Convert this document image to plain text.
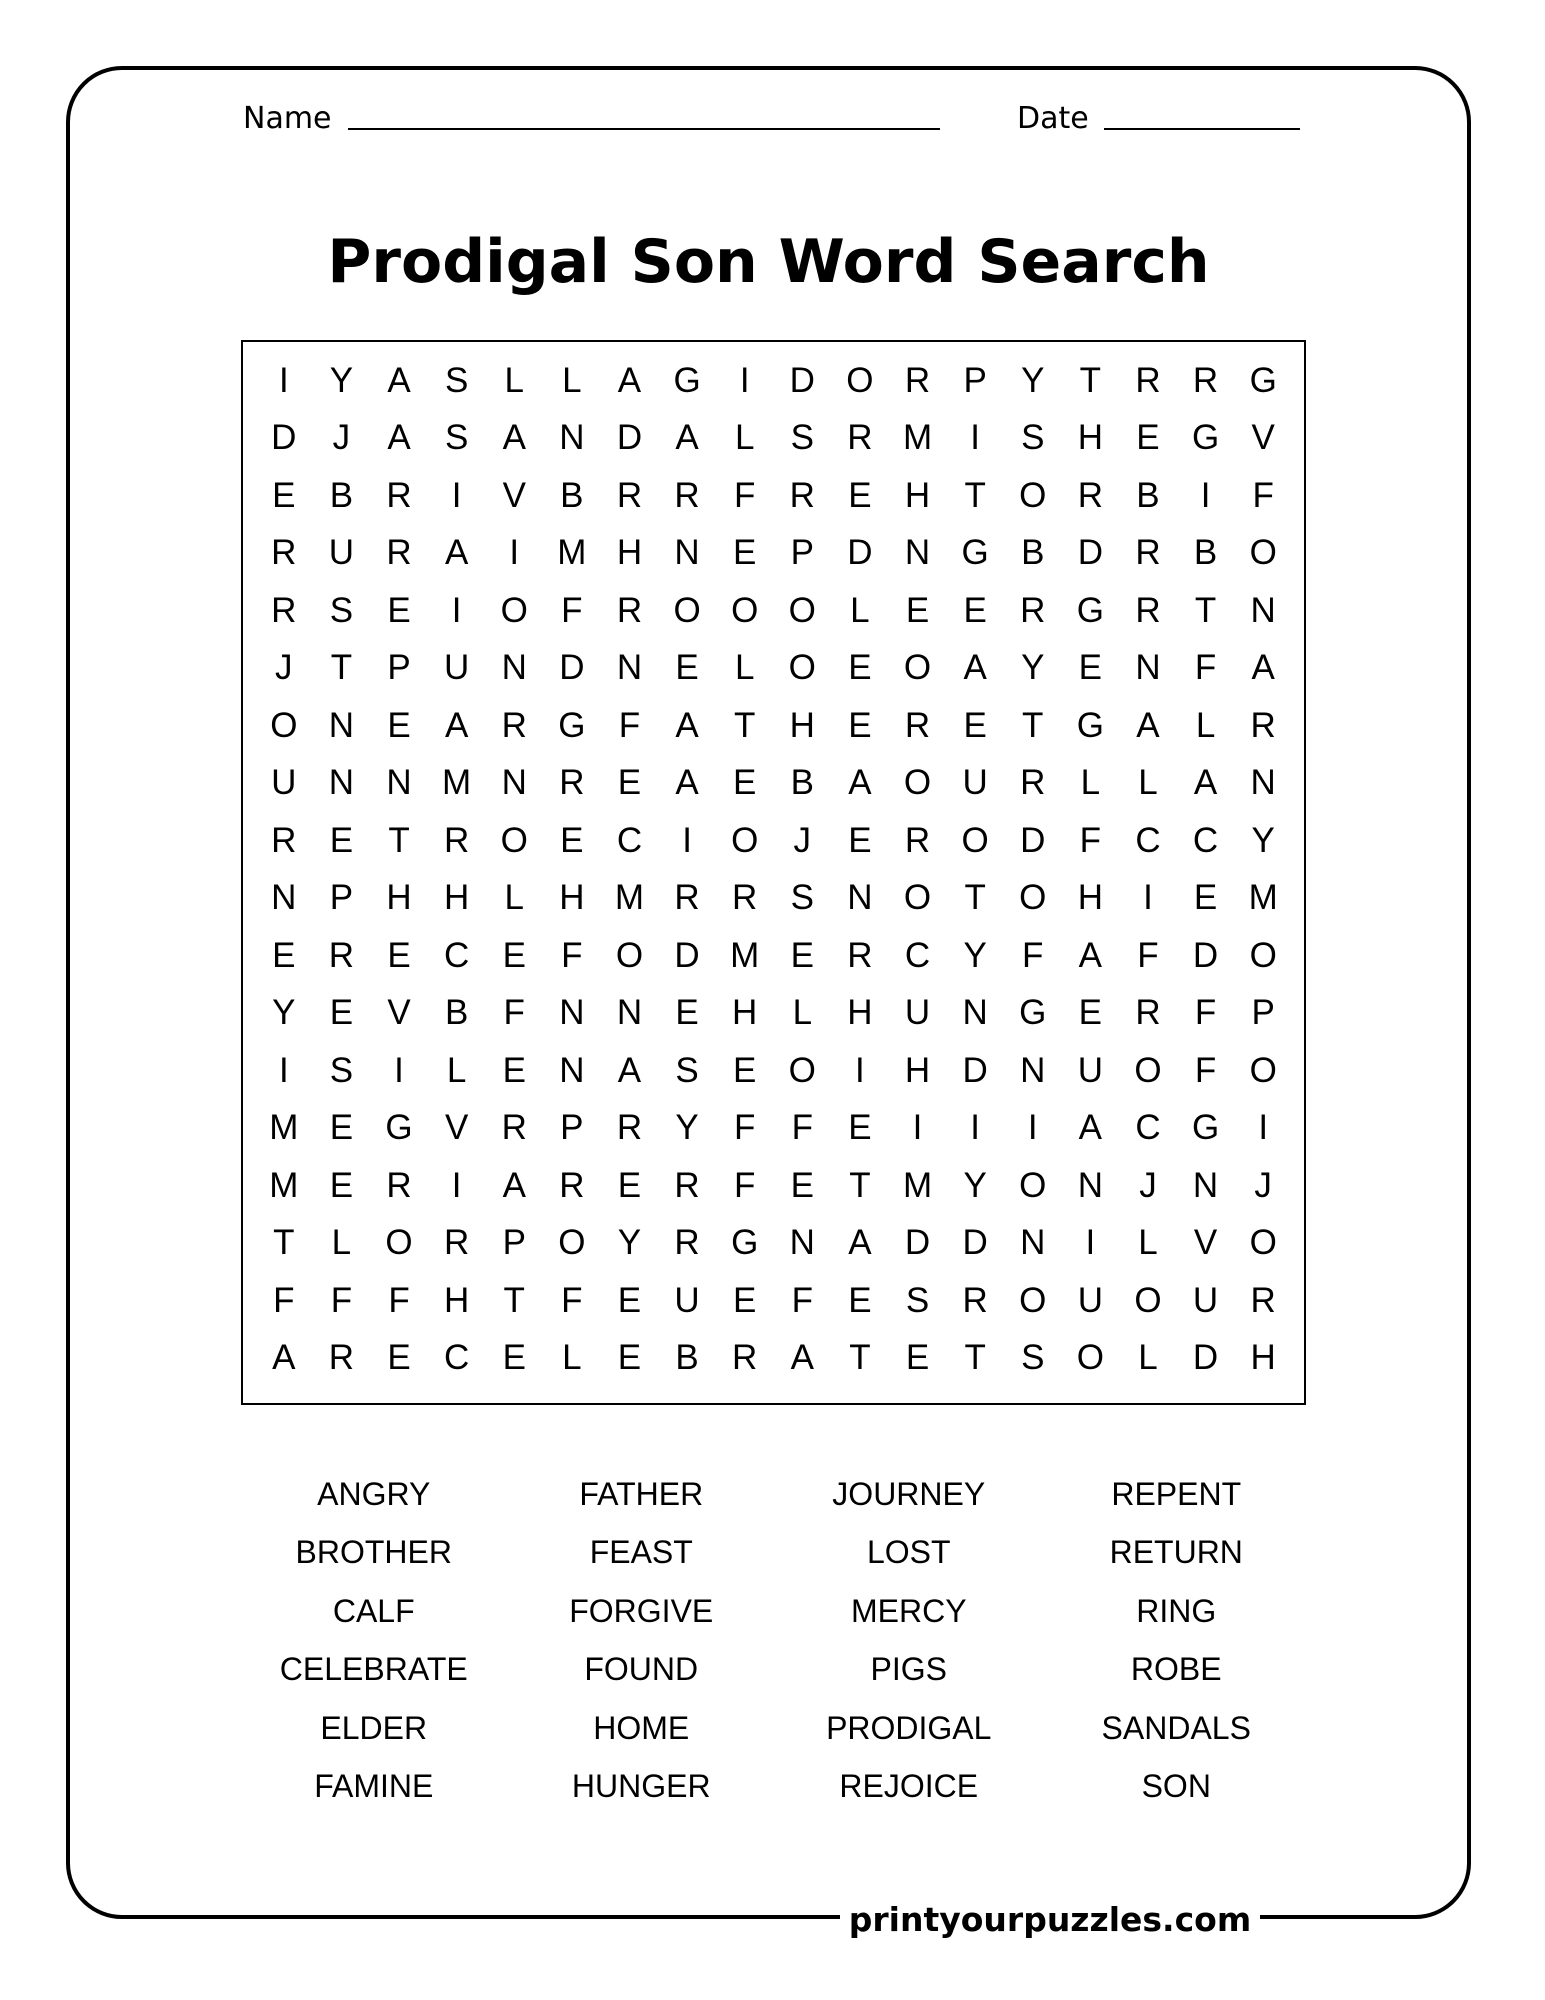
printyourpuzzles.com
Name	Date
Prodigal Son Word Search
I	Y A S	L	L	A G	I	D O R P Y	T R R G
D	J	A S A N D A	L	S R M	I	S H E G V
E B R	I	V B R R F R E H T O R B	I	F
R U R A	I	M H N E P D N G B D R B O
R S E	I	O F R O O O L	E E R G R T N
J	T	P U N D N E	L O E O A Y E N F	A
O N E A R G F	A	T H E R E	T G A	L	R
U N N M N R E A E B A O U R	L	L	A N
R E	T R O E C	I	O	J	E R O D F C C Y
N P H H	L	H M R R S N O T O H	I	E M
E R E C E	F O D M E R C Y	F	A	F D O
Y E V B	F N N E H	L	H U N G E R F	P
I	S	I	L	E N A S E O	I	H D N U O F O
M E G V R P R Y	F	F	E	I	I	I	A C G	I
M E R	I	A R E R F	E	T M Y O N	J	N	J
T	L O R P O Y R G N A D D N	I	L	V O
F	F	F H T	F	E U E	F	E S R O U O U R
A R E C E	L	E B R A	T	E	T	S O L	D H
ANGRY	FATHER	JOURNEY	REPENT
BROTHER	FEAST	LOST	RETURN
CALF	FORGIVE	MERCY	RING
CELEBRATE	FOUND	PIGS	ROBE
ELDER	HOME	PRODIGAL	SANDALS
FAMINE	HUNGER	REJOICE	SON
